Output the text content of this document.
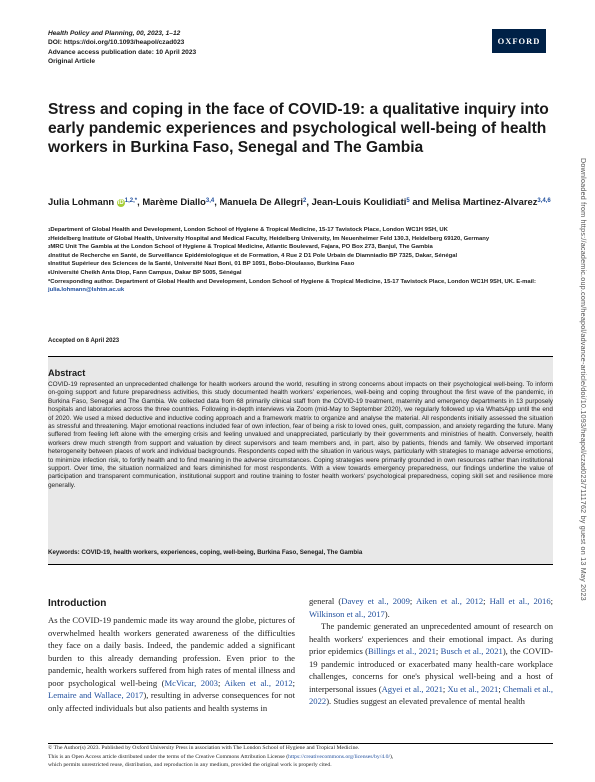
Health Policy and Planning, 00, 2023, 1–12
DOI: https://doi.org/10.1093/heapol/czad023
Advance access publication date: 10 April 2023
Original Article
OXFORD
Stress and coping in the face of COVID-19: a qualitative inquiry into early pandemic experiences and psychological well-being of health workers in Burkina Faso, Senegal and The Gambia
Julia Lohmann $iD^{1,2,*}$, Marème Diallo$^{3,4}$, Manuela De Allegri$^2$, Jean-Louis Koulidiati$^5$ and Melisa Martinez-Alvarez$^{3,4,6}$
$^1$Department of Global Health and Development, London School of Hygiene & Tropical Medicine, 15-17 Tavistock Place, London WC1H 9SH, UK
$^2$Heidelberg Institute of Global Health, University Hospital and Medical Faculty, Heidelberg University, Im Neuenheimer Feld 130.3, Heidelberg 69120, Germany
$^3$MRC Unit The Gambia at the London School of Hygiene & Tropical Medicine, Atlantic Boulevard, Fajara, PO Box 273, Banjul, The Gambia
$^4$Institut de Recherche en Santé, de Surveillance Epidémiologique et de Formation, 4 Rue 2 D1 Pole Urbain de Diamniadio BP 7325, Dakar, Sénégal
$^5$Institut Supérieur des Sciences de la Santé, Université Nazi Boni, 01 BP 1091, Bobo-Dioulasso, Burkina Faso
$^6$Université Cheikh Anta Diop, Fann Campus, Dakar BP 5005, Sénégal
*Corresponding author. Department of Global Health and Development, London School of Hygiene & Tropical Medicine, 15-17 Tavistock Place, London WC1H 9SH, UK. E-mail: julia.lohmann@lshtm.ac.uk
Accepted on 8 April 2023
Abstract

COVID-19 represented an unprecedented challenge for health workers around the world, resulting in strong concerns about impacts on their psychological well-being. To inform on-going support and future preparedness activities, this study documented health workers' experiences, well-being and coping throughout the first wave of the pandemic, in Burkina Faso, Senegal and The Gambia. We collected data from 68 primarily clinical staff from the COVID-19 treatment, maternity and emergency departments in 13 purposely hospitals and laboratories across the three countries. Following in-depth interviews via Zoom (mid-May to September 2020), we regularly followed up via WhatsApp until the end of 2020. We used a mixed deductive and inductive coding approach and a framework matrix to organize and analyse the material. All respondents initially assessed the situation as stressful and threatening. Major emotional reactions included fear of own infection, fear of being a risk to loved ones, guilt, compassion, and anxiety regarding the future. Many suffered from feeling left alone with the emerging crisis and feeling unvalued and unappreciated, particularly by their governments and ministries of health. Conversely, health workers drew much strength from support and valuation by direct supervisors and team members and, in part, also by patients, friends and family. We observed important heterogeneity between places of work and individual backgrounds. Respondents coped with the situation in various ways, particularly with strategies to manage adverse emotions, to minimize infection risk, to fortify health and to find meaning in the adverse circumstances. Coping strategies were primarily grounded in own resources rather than institutional support. Over time, the situation normalized and fears diminished for most respondents. With a view towards emergency preparedness, our findings underline the value of participation and transparent communication, institutional support and routine training to foster health workers' psychological preparedness, coping skill set and resilience more generally.

Keywords: COVID-19, health workers, experiences, coping, well-being, Burkina Faso, Senegal, The Gambia
Introduction

As the COVID-19 pandemic made its way around the globe, pictures of overwhelmed health workers generated awareness of the difficulties they face on a daily basis. Indeed, the pandemic added a significant burden to this already demanding profession. Even prior to the pandemic, health workers suffered from high rates of mental illness and poor psychological well-being (McVicar, 2003; Aiken et al., 2012; Lemaire and Wallace, 2017), resulting in adverse consequences for not only affected individuals but also patients and health systems in

general (Davey et al., 2009; Aiken et al., 2012; Hall et al., 2016; Wilkinson et al., 2017).

The pandemic generated an unprecedented amount of research on health workers' experiences and their emotional impact. As during prior epidemics (Billings et al., 2021; Busch et al., 2021), the COVID-19 pandemic introduced or exacerbated many health-care workplace challenges, concerns for one's physical well-being and a host of interpersonal issues (Agyei et al., 2021; Xu et al., 2021; Chemali et al., 2022). Studies suggest an elevated prevalence of mental health

© The Author(s) 2023. Published by Oxford University Press in association with The London School of Hygiene and Tropical Medicine.
This is an Open Access article distributed under the terms of the Creative Commons Attribution License (https://creativecommons.org/licenses/by/4.0/),
which permits unrestricted reuse, distribution, and reproduction in any medium, provided the original work is properly cited.
Downloaded from https://academic.oup.com/heapol/advance-article/doi/10.1093/heapol/czad023/7111762 by guest on 13 May 2023
